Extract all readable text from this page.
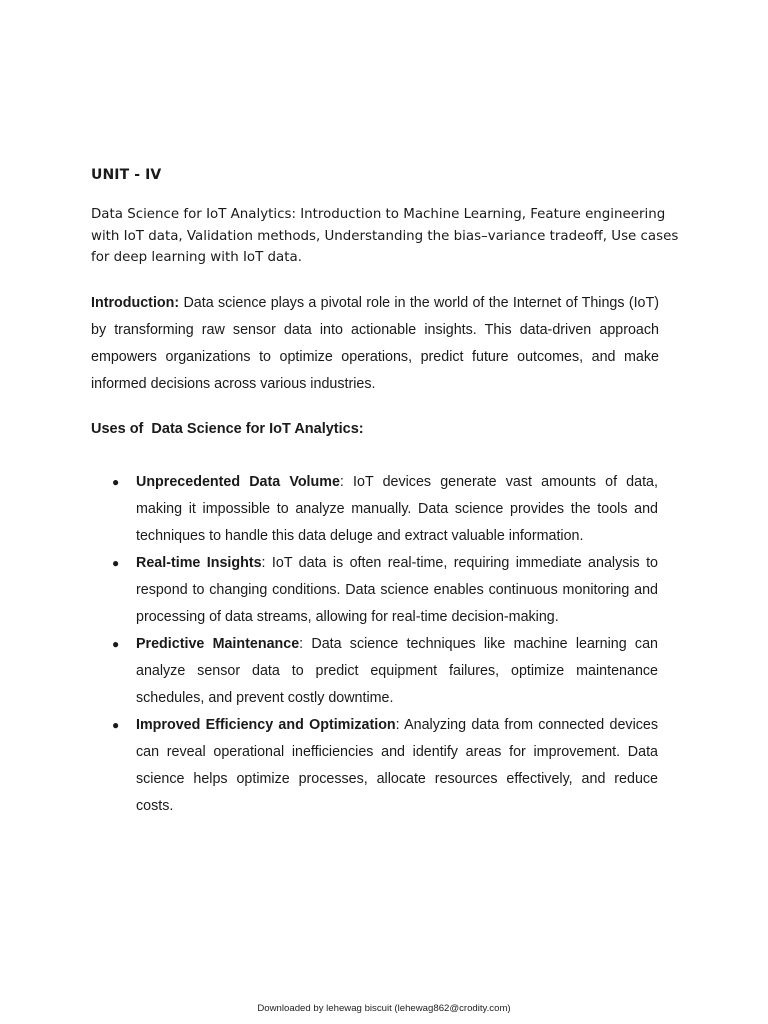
UNIT - IV

Data Science for IoT Analytics: Introduction to Machine Learning, Feature engineering with IoT data, Validation methods, Understanding the bias–variance tradeoff, Use cases for deep learning with IoT data.

Introduction: Data science plays a pivotal role in the world of the Internet of Things (IoT) by transforming raw sensor data into actionable insights. This data-driven approach empowers organizations to optimize operations, predict future outcomes, and make informed decisions across various industries.

Uses of  Data Science for IoT Analytics:
● Unprecedented Data Volume: IoT devices generate vast amounts of data, making it impossible to analyze manually. Data science provides the tools and techniques to handle this data deluge and extract valuable information.
● Real-time Insights: IoT data is often real-time, requiring immediate analysis to respond to changing conditions. Data science enables continuous monitoring and processing of data streams, allowing for real-time decision-making.
● Predictive Maintenance: Data science techniques like machine learning can analyze sensor data to predict equipment failures, optimize maintenance schedules, and prevent costly downtime.
● Improved Efficiency and Optimization: Analyzing data from connected devices can reveal operational inefficiencies and identify areas for improvement. Data science helps optimize processes, allocate resources effectively, and reduce costs.
Downloaded by lehewag biscuit (lehewag862@crodity.com)
